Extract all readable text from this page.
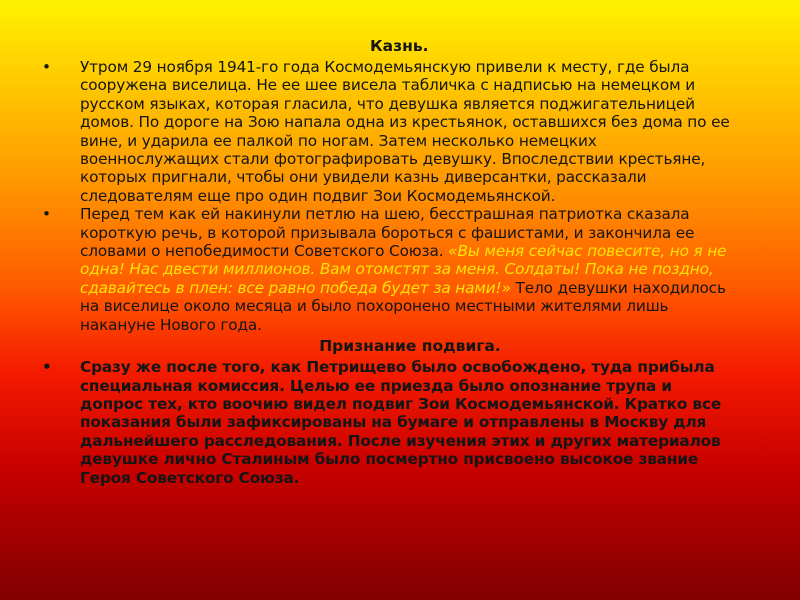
Казнь.

• Утром 29 ноября 1941-го года Космодемьянскую привели к месту, где была сооружена виселица. Не ее шее висела табличка с надписью на немецком и русском языках, которая гласила, что девушка является поджигательницей домов. По дороге на Зою напала одна из крестьянок, оставшихся без дома по ее вине, и ударила ее палкой по ногам. Затем несколько немецких военнослужащих стали фотографировать девушку. Впоследствии крестьяне, которых пригнали, чтобы они увидели казнь диверсантки, рассказали следователям еще про один подвиг Зои Космодемьянской.
• Перед тем как ей накинули петлю на шею, бесстрашная патриотка сказала короткую речь, в которой призывала бороться с фашистами, и закончила ее словами о непобедимости Советского Союза. «Вы меня сейчас повесите, но я не одна! Нас двести миллионов. Вам отомстят за меня. Солдаты! Пока не поздно, сдавайтесь в плен: все равно победа будет за нами!» Тело девушки находилось на виселице около месяца и было похоронено местными жителями лишь накануне Нового года.

Признание подвига.

• Сразу же после того, как Петрищево было освобождено, туда прибыла специальная комиссия. Целью ее приезда было опознание трупа и допрос тех, кто воочию видел подвиг Зои Космодемьянской. Кратко все показания были зафиксированы на бумаге и отправлены в Москву для дальнейшего расследования. После изучения этих и других материалов девушке лично Сталиным было посмертно присвоено высокое звание Героя Советского Союза.
